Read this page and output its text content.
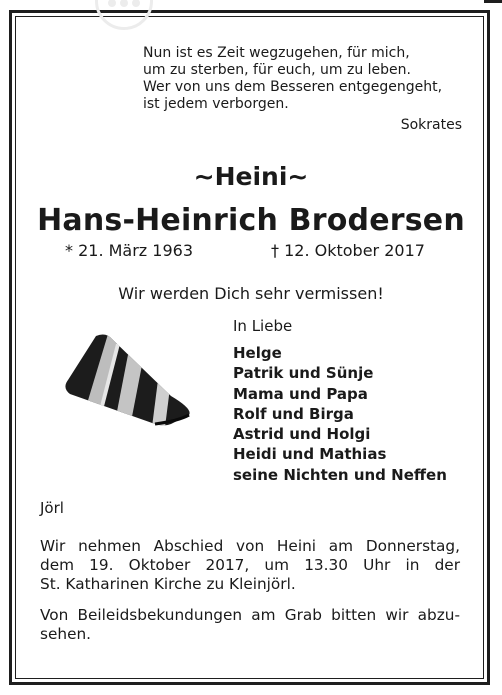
Nun ist es Zeit wegzugehen, für mich,
um zu sterben, für euch, um zu leben.
Wer von uns dem Besseren entgegengeht,
ist jedem verborgen.
Sokrates
~Heini~
Hans-Heinrich Brodersen
* 21. März 1963	† 12. Oktober 2017
Wir werden Dich sehr vermissen!
In Liebe
Helge
Patrik und Sünje
Mama und Papa
Rolf und Birga
Astrid und Holgi
Heidi und Mathias
seine Nichten und Neffen
Jörl
Wir nehmen Abschied von Heini am Donnerstag,
dem 19. Oktober 2017, um 13.30 Uhr in der
St. Katharinen Kirche zu Kleinjörl.
Von Beileidsbekundungen am Grab bitten wir abzu-
sehen.
